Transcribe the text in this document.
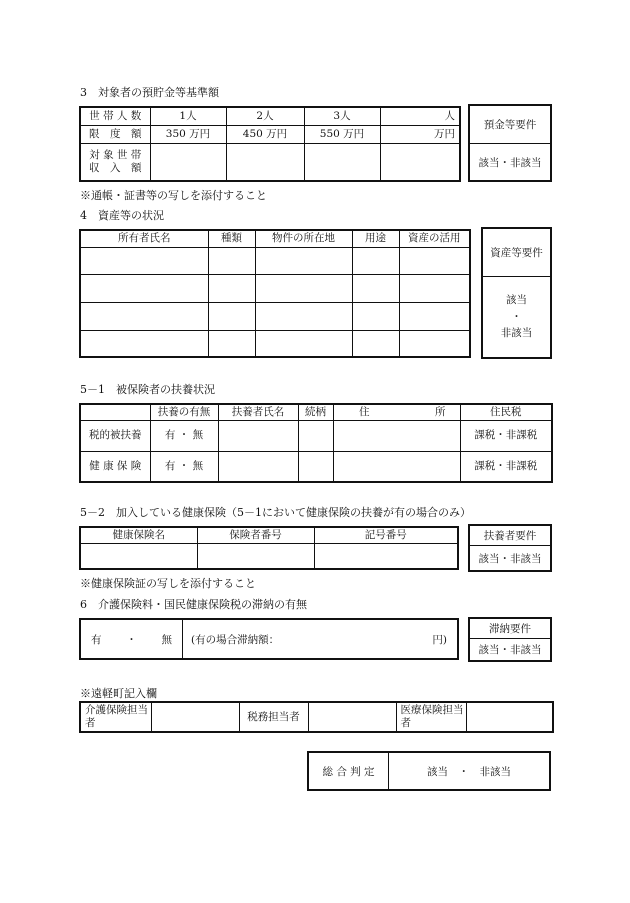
3　対象者の預貯金等基準額
世 帯 人 数	1人	2人	3人	人
限　度　額	350 万円	450 万円	550 万円	万円

対 象 世 帯
収　入　額				

預金等要件
該当・非該当
※通帳・証書等の写しを添付すること
4　資産等の状況
所有者氏名	種類	物件の所在地	用途	資産の活用

資産等要件
該当
・
非該当
5－1　被保険者の扶養状況
	扶養の有無	扶養者氏名	続柄	住	所	住民税
税的被扶養	有 ・ 無					課税・非課税
健 康 保 険	有 ・ 無					課税・非課税
5－2　加入している健康保険（5－1において健康保険の扶養が有の場合のみ）
健康保険名	保険者番号	記号番号
			扶養者要件
該当・非該当
※健康保険証の写しを添付すること
6　介護保険料・国民健康保険税の滞納の有無
有 ・ 無 (有の場合滞納額：	円)
滞納要件
該当・非該当
※遠軽町記入欄
介護保険担当者		税務担当者		医療保険担当者	
総 合 判 定	該当　・　非該当
